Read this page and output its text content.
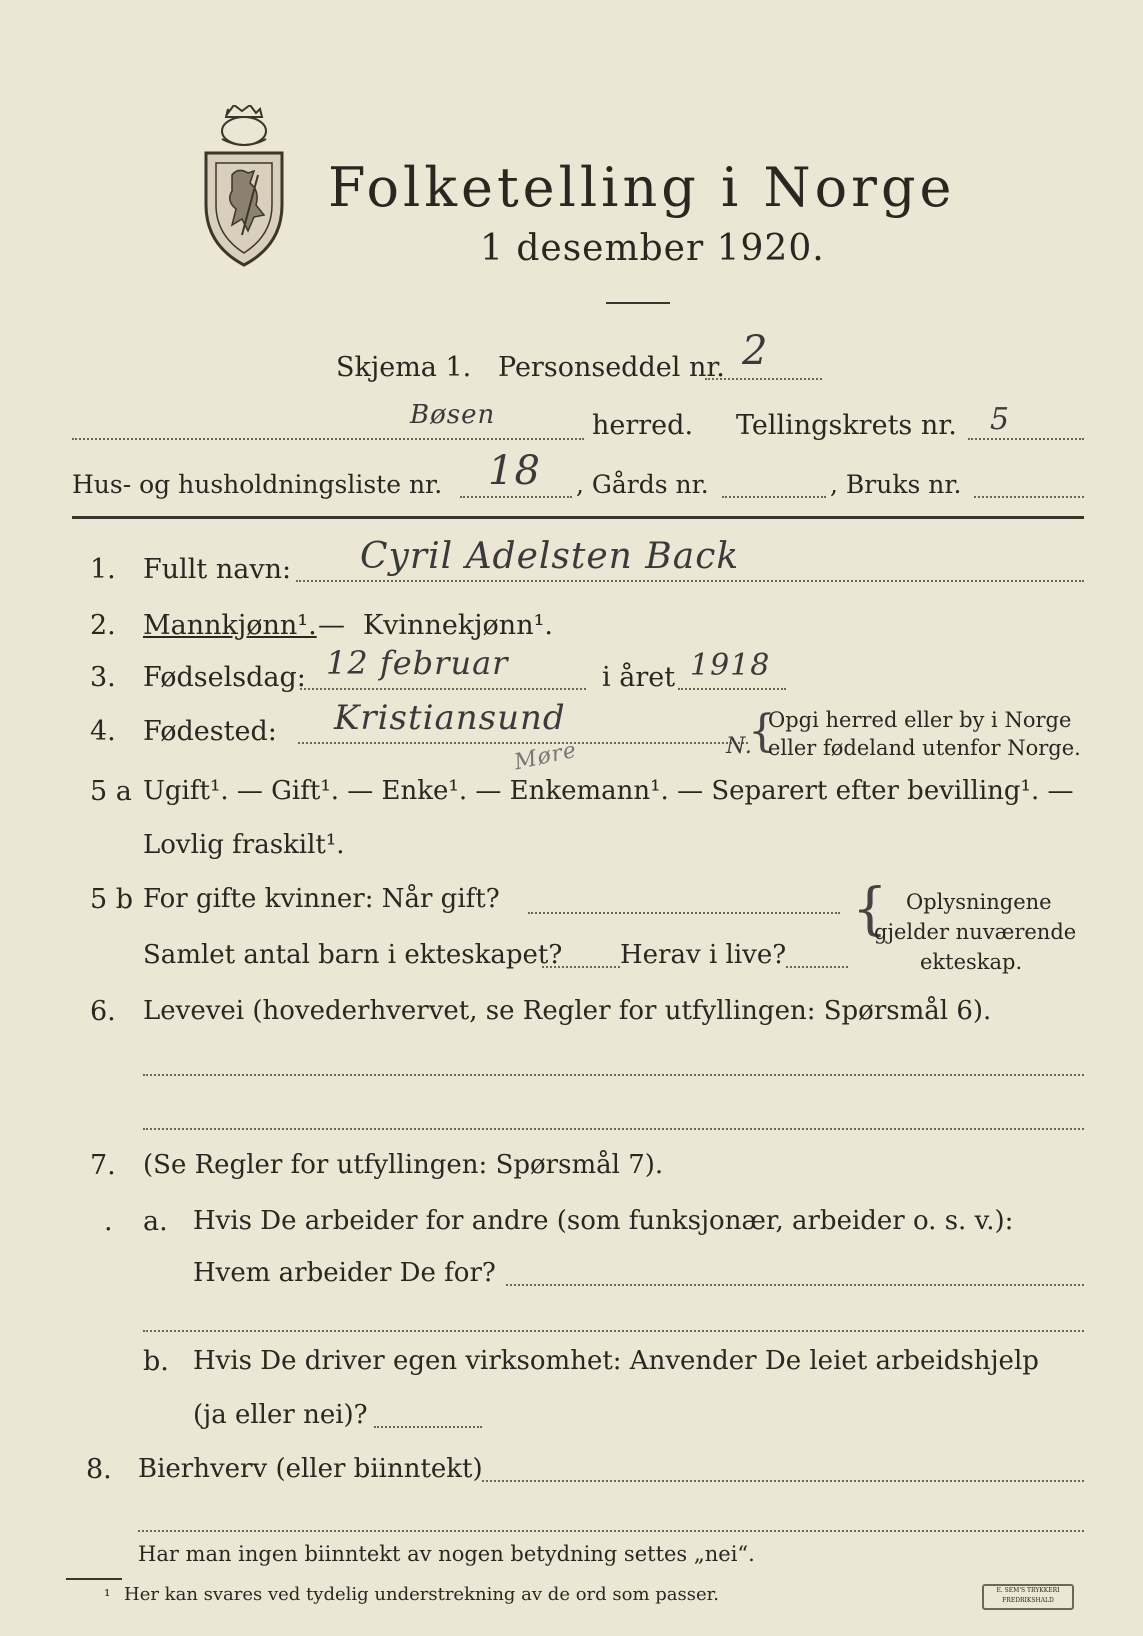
Folketelling i Norge
1 desember 1920.
Skjema 1. Personseddel nr. 2
Bøsen	herred. Tellingskrets nr. 5
Hus- og husholdningsliste nr. 18 , Gårds nr.	, Bruks nr.
1. Fullt navn: Cyril Adelsten Back
2. Mannkjønn¹. — Kvinnekjønn¹.
3. Fødselsdag: 12 februar	i året 1918
4. Fødested: Kristiansund
Møre	N.
{
Opgi herred eller by i Norge
eller fødeland utenfor Norge.
5 a Ugift¹. — Gift¹. — Enke¹. — Enkemann¹. — Separert efter bevilling¹. —
Lovlig fraskilt¹.
5 b For gifte kvinner: Når gift?
Samlet antal barn i ekteskapet? Herav i live?
{ Oplysningene
gjelder nuværende
ekteskap.
6. Levevei (hovederhvervet, se Regler for utfyllingen: Spørsmål 6).
7. (Se Regler for utfyllingen: Spørsmål 7).
. a. Hvis De arbeider for andre (som funksjonær, arbeider o. s. v.):
Hvem arbeider De for?
b. Hvis De driver egen virksomhet: Anvender De leiet arbeidshjelp
(ja eller nei)?
8. Bierhverv (eller biinntekt)
Har man ingen biinntekt av nogen betydning settes „nei“.
¹ Her kan svares ved tydelig understrekning av de ord som passer.	E. SEM'S TRYKKERI FREDRIKSHALD
